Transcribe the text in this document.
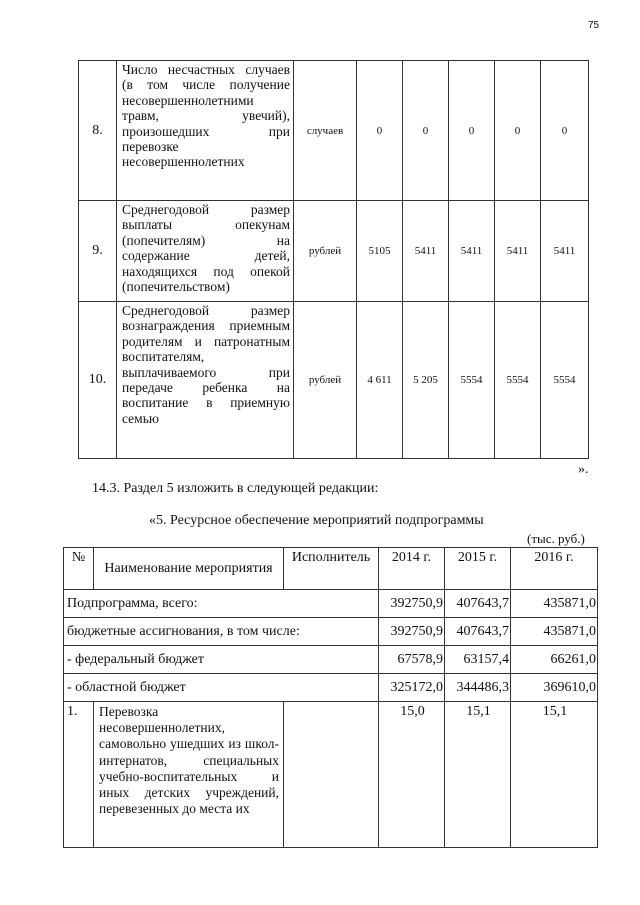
75
8.	Число несчастных случаев (в том числе получение несовершеннолетними травм, увечий), произошедших при перевозке несовершеннолетних	случаев	0	0	0	0	0
9.	Среднегодовой размер выплаты опекунам (попечителям) на содержание детей, находящихся под опекой (попечительством)	рублей	5105	5411	5411	5411	5411
10.	Среднегодовой размер вознаграждения приемным родителям и патронатным воспитателям, выплачиваемого при передаче ребенка на воспитание в приемную семью	рублей	4 611	5 205	5554	5554	5554
».
14.3. Раздел 5 изложить в следующей редакции:
«5. Ресурсное обеспечение мероприятий подпрограммы
(тыс. руб.)
№	Наименование мероприятия	Исполнитель	2014 г.	2015 г.	2016 г.
Подпрограмма, всего:			392750,9	407643,7	435871,0
бюджетные ассигнования, в том числе:			392750,9	407643,7	435871,0
- федеральный бюджет			67578,9	63157,4	66261,0
- областной бюджет			325172,0	344486,3	369610,0
1.	Перевозка несовершеннолетних, самовольно ушедших из школ-интернатов, специальных учебно-воспитательных и иных детских учреждений, перевезенных до места их		15,0	15,1	15,1
